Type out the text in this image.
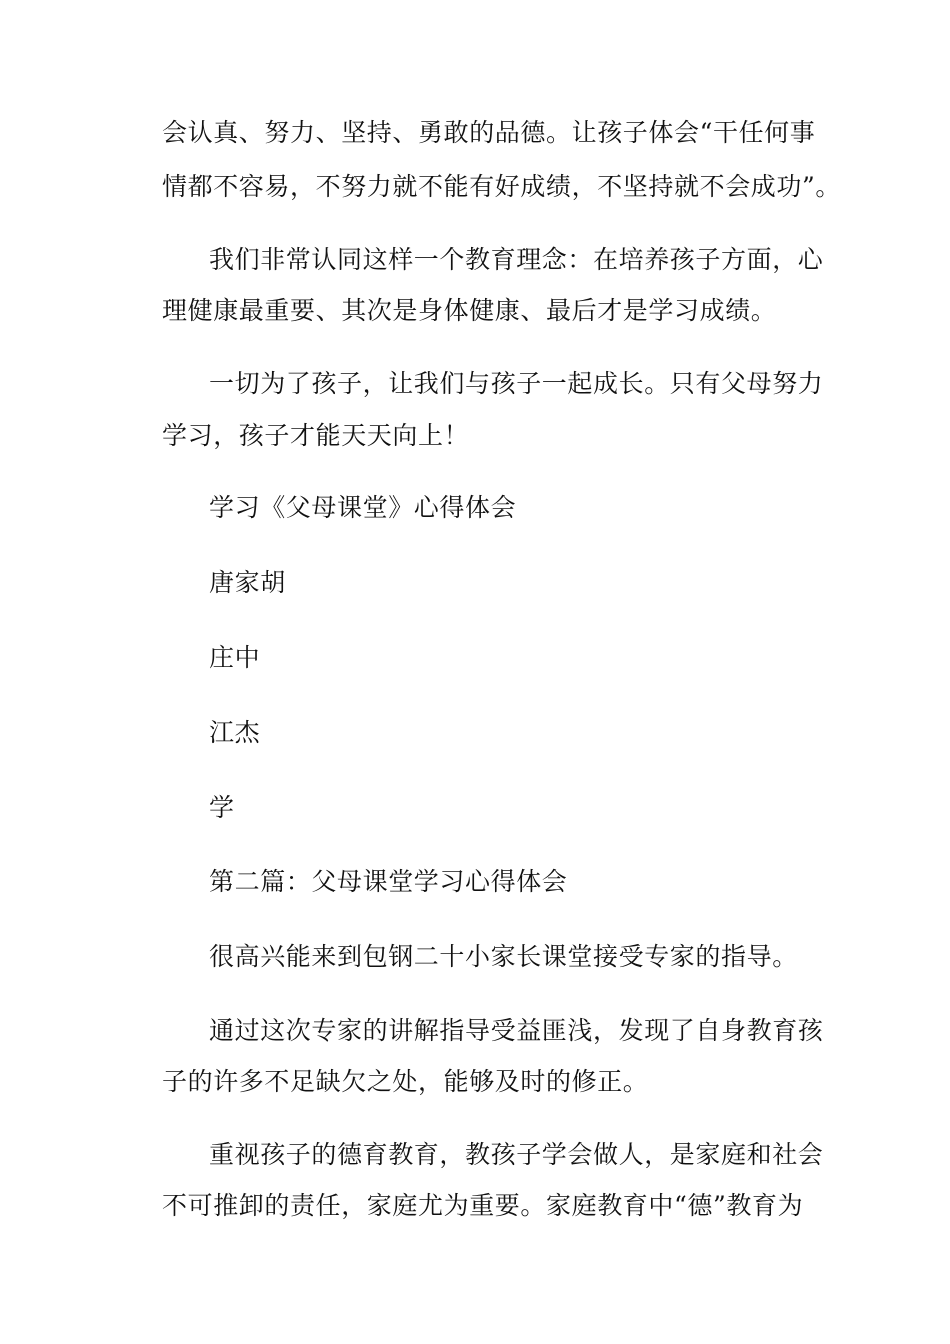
会认真、努力、坚持、勇敢的品德。让孩子体会“干任何事
情都不容易，不努力就不能有好成绩，不坚持就不会成功”。
我们非常认同这样一个教育理念：在培养孩子方面，心
理健康最重要、其次是身体健康、最后才是学习成绩。
一切为了孩子，让我们与孩子一起成长。只有父母努力
学习，孩子才能天天向上！
学习《父母课堂》心得体会
唐家胡
庄中
江杰
学
第二篇：父母课堂学习心得体会
很高兴能来到包钢二十小家长课堂接受专家的指导。
通过这次专家的讲解指导受益匪浅，发现了自身教育孩
子的许多不足缺欠之处，能够及时的修正。
重视孩子的德育教育，教孩子学会做人，是家庭和社会
不可推卸的责任，家庭尤为重要。家庭教育中“德”教育为
